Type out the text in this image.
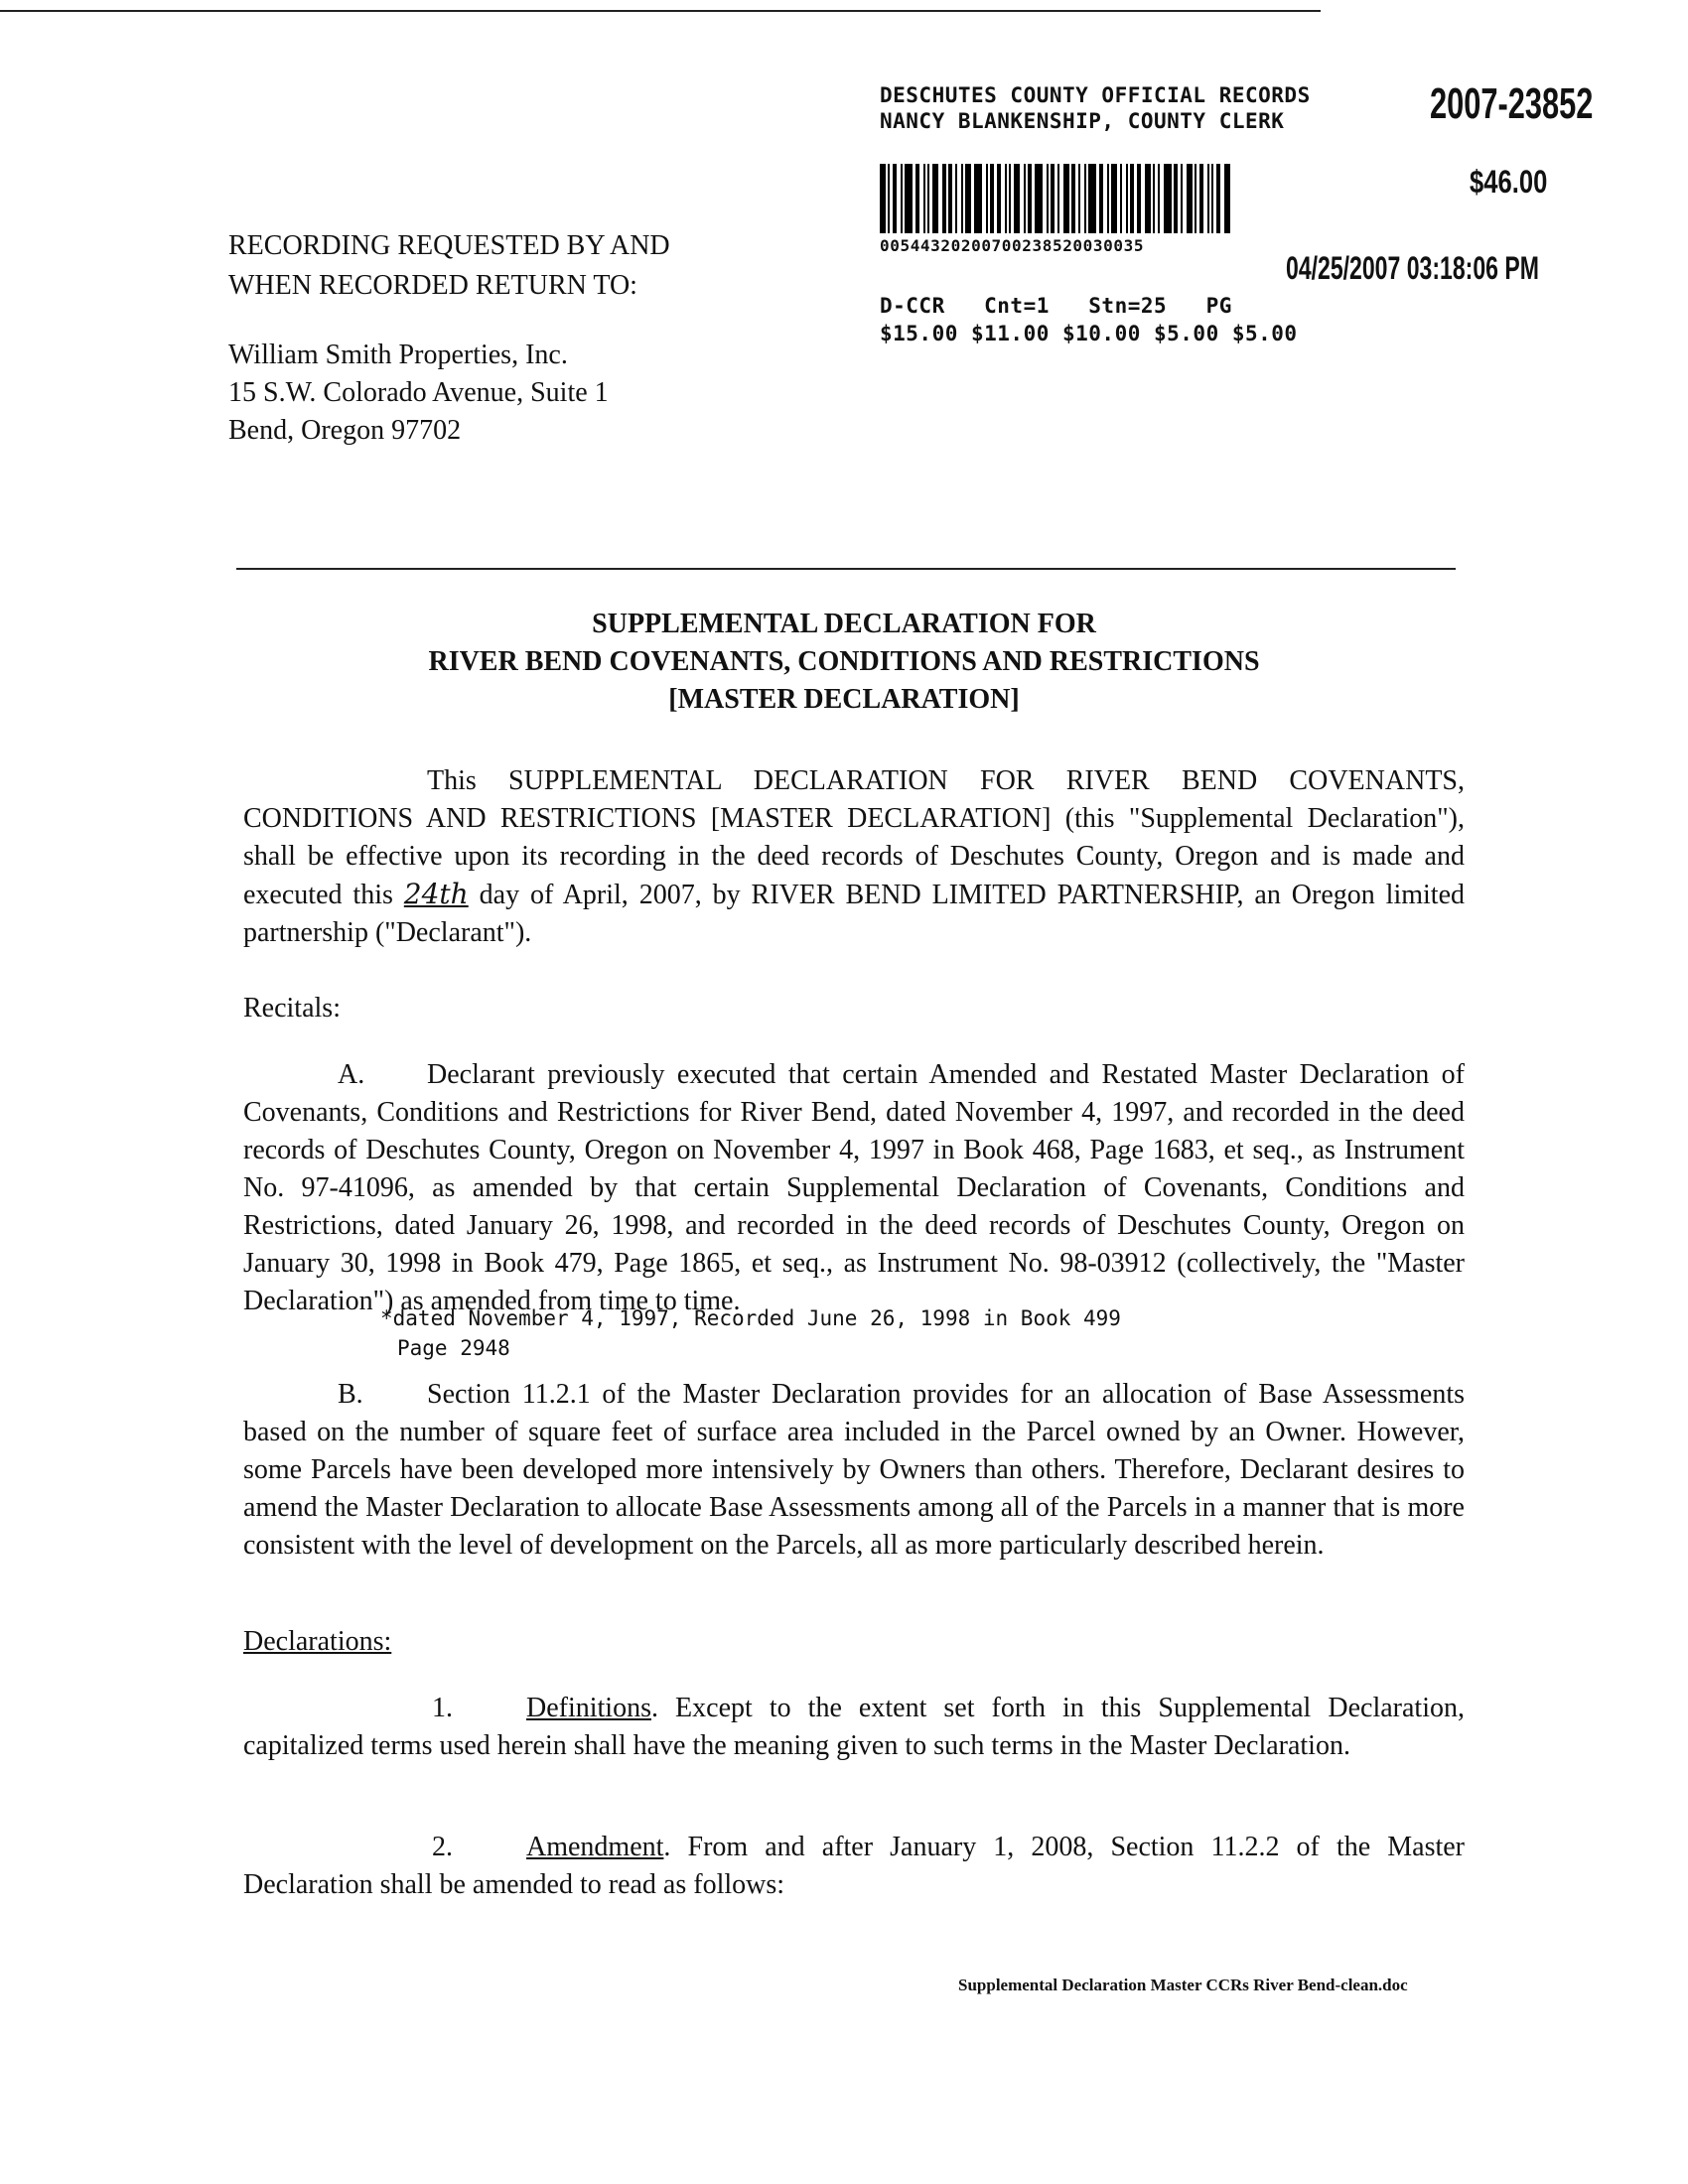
DESCHUTES COUNTY OFFICIAL RECORDS
NANCY BLANKENSHIP, COUNTY CLERK	2007-23852
$46.00
00544320200700238520030035
04/25/2007 03:18:06 PM
D-CCR   Cnt=1   Stn=25   PG
$15.00 $11.00 $10.00 $5.00 $5.00
RECORDING REQUESTED BY AND
WHEN RECORDED RETURN TO:
William Smith Properties, Inc.
15 S.W. Colorado Avenue, Suite 1
Bend, Oregon 97702
SUPPLEMENTAL DECLARATION FOR
RIVER BEND COVENANTS, CONDITIONS AND RESTRICTIONS
[MASTER DECLARATION]
This SUPPLEMENTAL DECLARATION FOR RIVER BEND COVENANTS, CONDITIONS AND RESTRICTIONS [MASTER DECLARATION] (this "Supplemental Declaration"), shall be effective upon its recording in the deed records of Deschutes County, Oregon and is made and executed this 24th day of April, 2007, by RIVER BEND LIMITED PARTNERSHIP, an Oregon limited partnership ("Declarant").
Recitals:
A. Declarant previously executed that certain Amended and Restated Master Declaration of Covenants, Conditions and Restrictions for River Bend, dated November 4, 1997, and recorded in the deed records of Deschutes County, Oregon on November 4, 1997 in Book 468, Page 1683, et seq., as Instrument No. 97-41096, as amended by that certain Supplemental Declaration of Covenants, Conditions and Restrictions, dated January 26, 1998, and recorded in the deed records of Deschutes County, Oregon on January 30, 1998 in Book 479, Page 1865, et seq., as Instrument No. 98-03912 (collectively, the "Master Declaration") as amended from time to time.
*dated November 4, 1997, Recorded June 26, 1998 in Book 499
Page 2948
B. Section 11.2.1 of the Master Declaration provides for an allocation of Base Assessments based on the number of square feet of surface area included in the Parcel owned by an Owner. However, some Parcels have been developed more intensively by Owners than others. Therefore, Declarant desires to amend the Master Declaration to allocate Base Assessments among all of the Parcels in a manner that is more consistent with the level of development on the Parcels, all as more particularly described herein.
Declarations:
1.	Definitions. Except to the extent set forth in this Supplemental Declaration, capitalized terms used herein shall have the meaning given to such terms in the Master Declaration.
2.	Amendment. From and after January 1, 2008, Section 11.2.2 of the Master Declaration shall be amended to read as follows:
Supplemental Declaration Master CCRs River Bend-clean.doc
